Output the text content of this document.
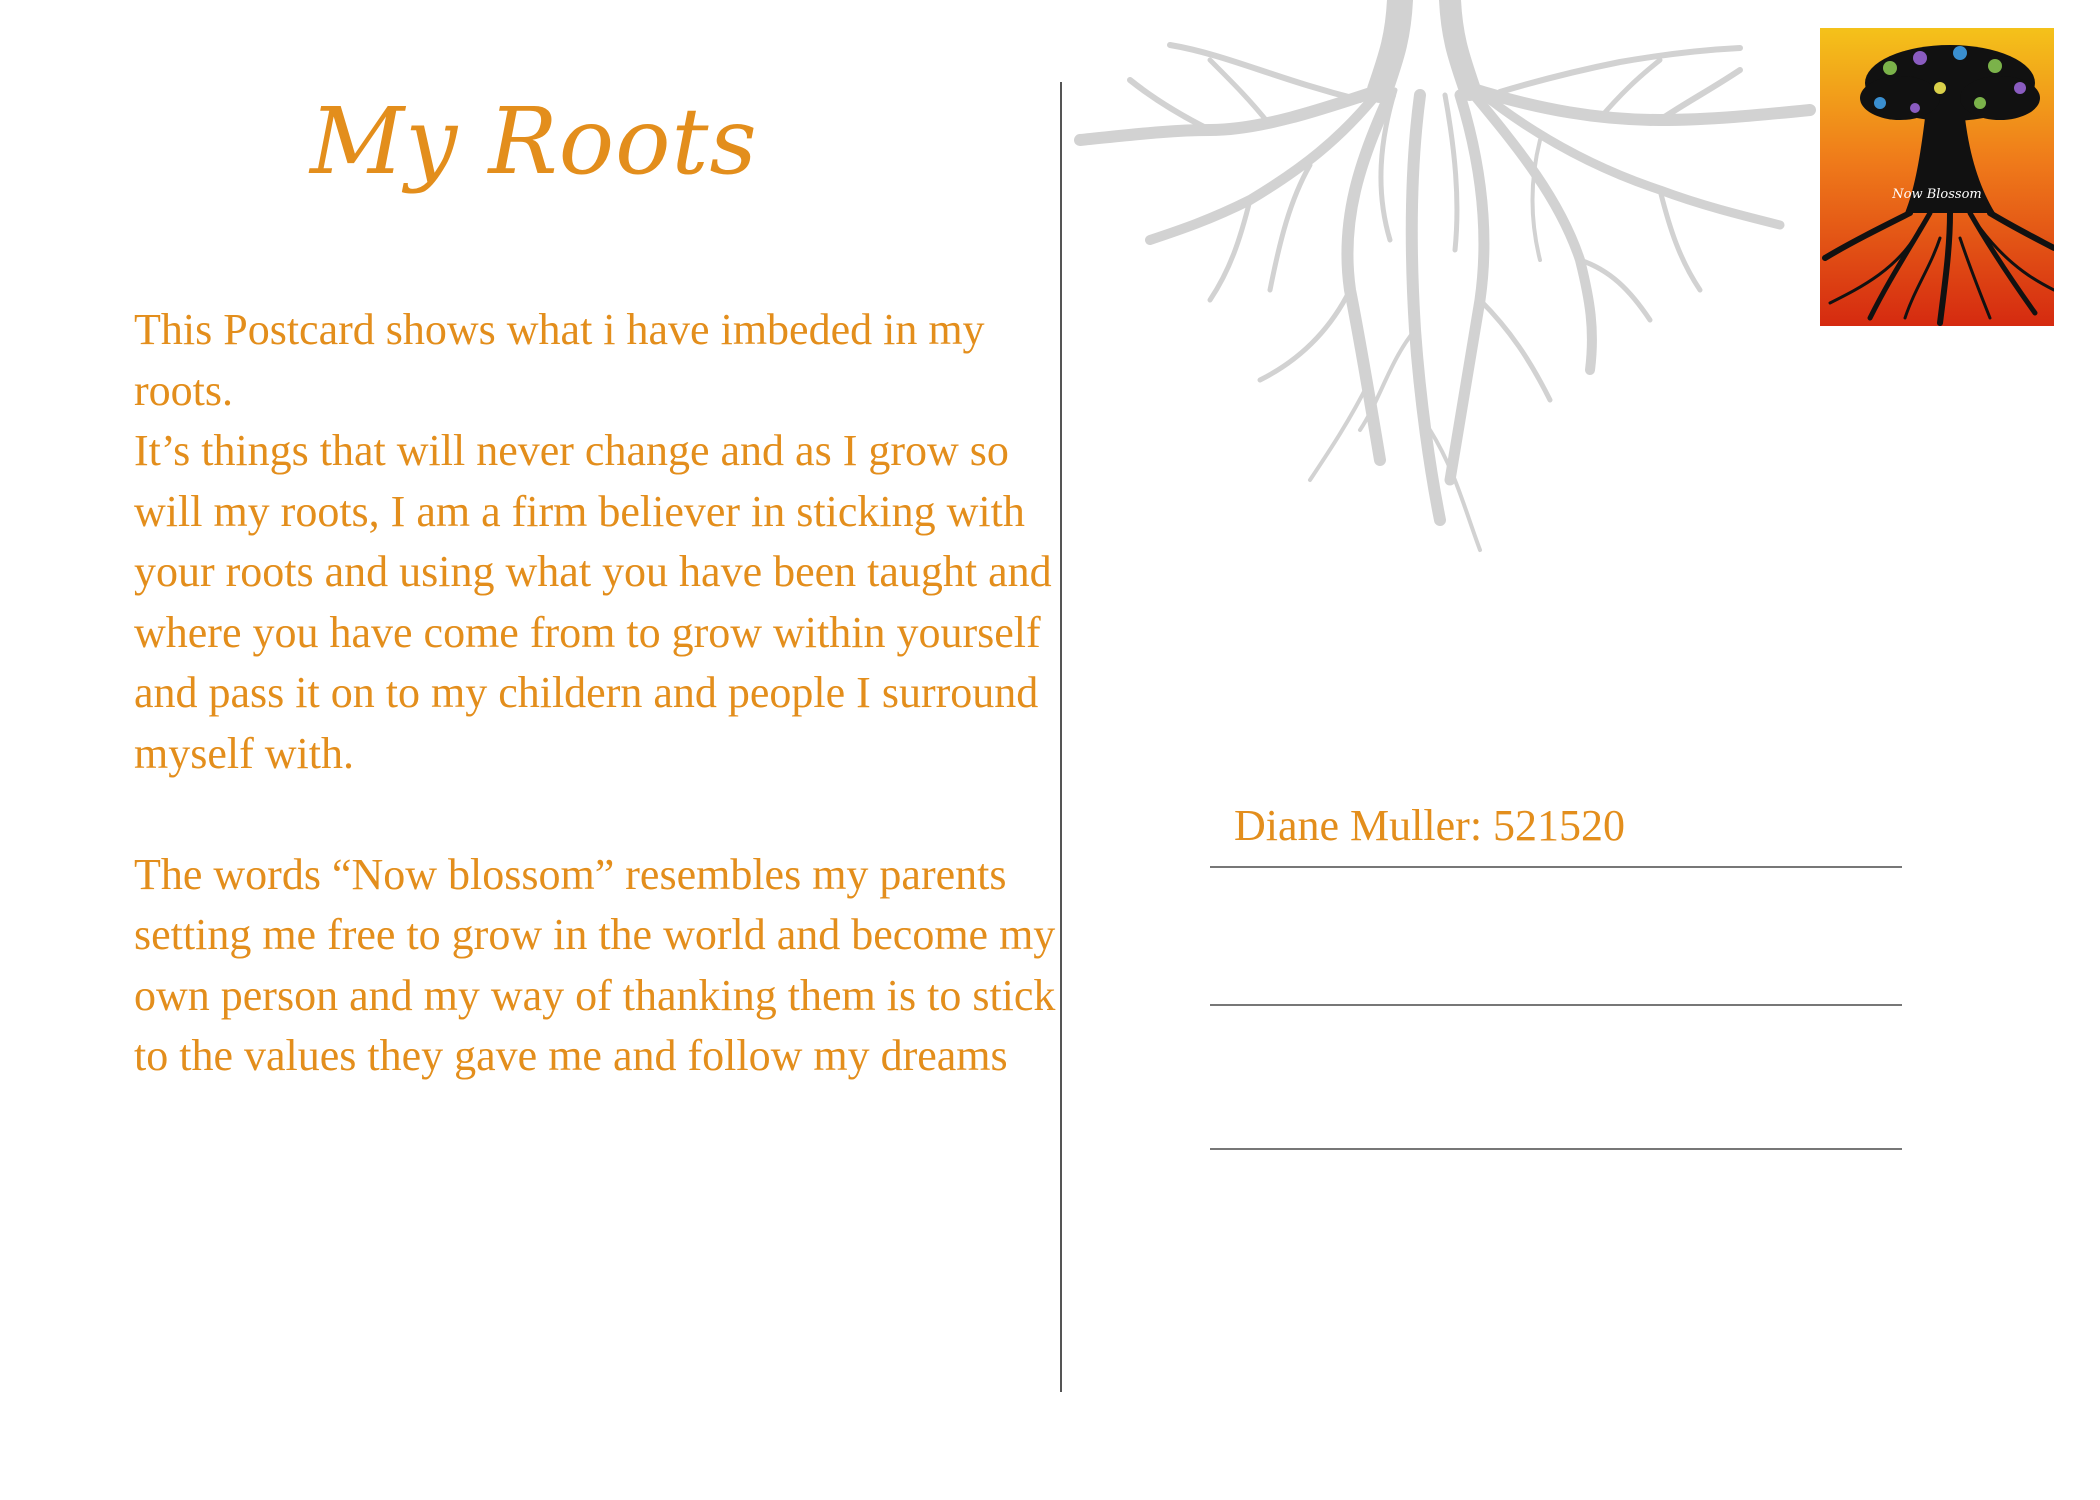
My Roots

This Postcard shows what i have imbeded in my roots.

It’s things that will never change and as I grow so will my roots, I am a firm believer in sticking with your roots and using what you have been taught and where you have come from to grow within yourself and pass it on to my childern and people I surround myself with.

The words “Now blossom” resembles my parents setting me free to grow in the world and become my own person and my way of thanking them is to stick to the values they gave me and follow my dreams

Now Blossom
Diane Muller: 521520
